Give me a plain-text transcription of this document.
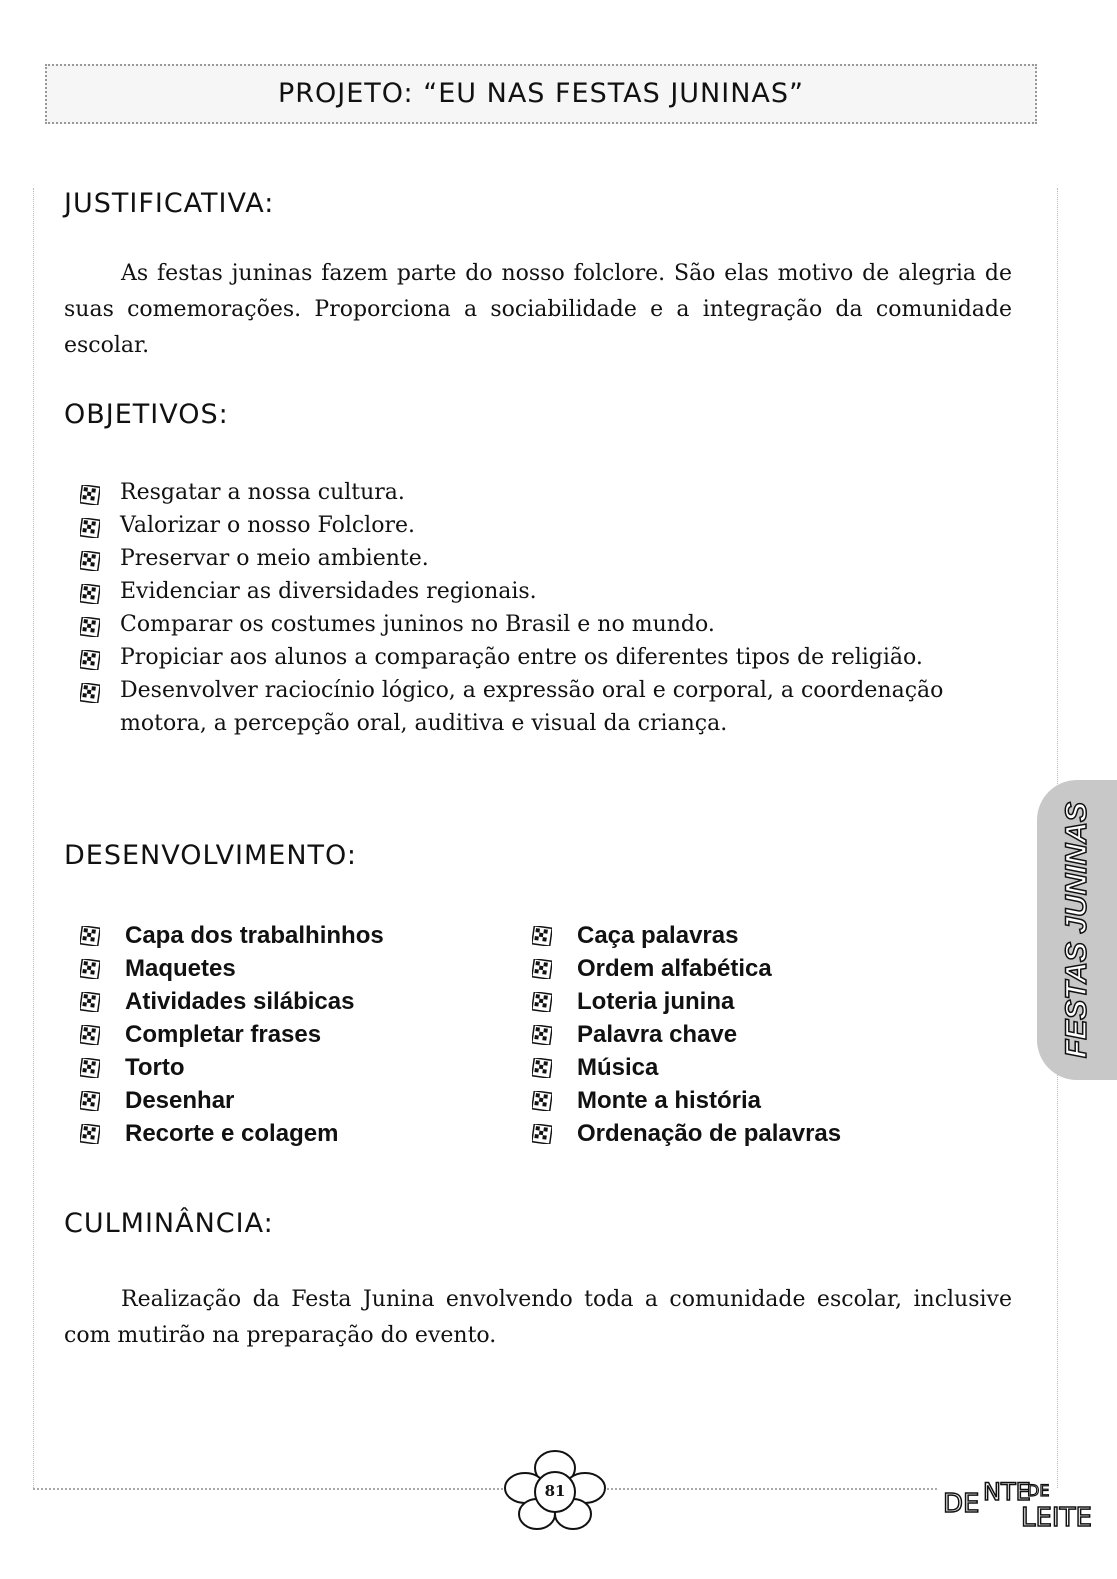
PROJETO: “EU NAS FESTAS JUNINAS”
JUSTIFICATIVA:
As festas juninas fazem parte do nosso folclore. São elas motivo de alegria de suas comemorações. Proporciona a sociabilidade e a integração da comunidade escolar.
OBJETIVOS:
Resgatar a nossa cultura.
Valorizar o nosso Folclore.
Preservar o meio ambiente.
Evidenciar as diversidades regionais.
Comparar os costumes juninos no Brasil e no mundo.
Propiciar aos alunos a comparação entre os diferentes tipos de religião.
Desenvolver raciocínio lógico, a expressão oral e corporal, a coordenação motora, a percepção oral, auditiva e visual da criança.
DESENVOLVIMENTO:
Capa dos trabalhinhos
Maquetes
Atividades silábicas
Completar frases
Torto
Desenhar
Recorte e colagem
Caça palavras
Ordem alfabética
Loteria junina
Palavra chave
Música
Monte a história
Ordenação de palavras
CULMINÂNCIA:
Realização da Festa Junina envolvendo toda a comunidade escolar, inclusive com mutirão na preparação do evento.
FESTAS JUNINAS
81	DE NTE
DE
LEITE
